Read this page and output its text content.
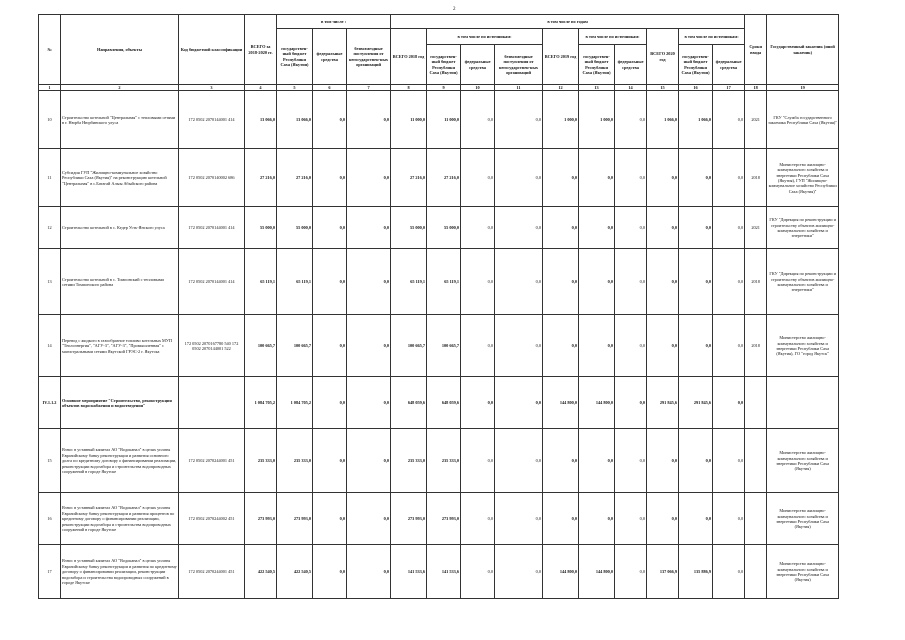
2
№	Направления, объекты	Код бюджетной классификации	ВСЕГО за 2018-2020 гг.	в том числе :			в том числе по годам										Сроки ввода	Государственный заказчик (иной заказчик)
				государствен-ный бюджет Республики Саха (Якутия)	федеральные средства	безвозмездные поступления от негосударствен-ных организаций	ВСЕГО 2018 год	в том числе по источникам:			ВСЕГО 2019 год	в том числе по источникам:		ВСЕГО 2020 год	в том числе по источникам:			
								государствен-ный бюджет Республики Саха (Якутия)	федеральные средства	безвозмездные поступления от негосударствен-ных организаций		государствен-ный бюджет Республики Саха (Якутия)	федеральные средства		государствен-ный бюджет Республики Саха (Якутия)	федеральные средства		
1	2	3	4	5	6	7	8	9	10	11	12	13	14	15	16	17	18	19
10	Строительство котельной "Центральная" с тепловыми сетями в г. Нюрба Нюрбинского улуса	172 0502 2070144001 414	13 066,0	13 066,0	0,0	0,0	11 000,0	11 000,0	0,0	0,0	1 000,0	1 000,0	0,0	1 066,0	1 066,0	0,0	2021	ГКУ "Служба государственного заказчика Республики Саха (Якутия)"
11	Субсидия ГУП "Жилищно-коммунальное хозяйство Республики Саха (Якутия)" на реконструкцию котельной "Центральная" в с.Батагай Алыы Абыйского района	172 0502 2070140002 686	27 216,0	27 216,0	0,0	0,0	27 216,0	27 216,0	0,0	0,0	0,0	0,0	0,0	0,0	0,0	0,0	2018	Министерство жилищно-коммунального хозяйства и энергетики Республики Саха (Якутия), ГУП "Жилищно-коммунальное хозяйство Республики Саха (Якутия)"
12	Строительство котельной в с. Кедер Усть-Янского улуса	172 0502 2070144001 414	55 000,0	55 000,0	0,0	0,0	55 000,0	55 000,0	0,0	0,0	0,0	0,0	0,0	0,0	0,0	0,0	2021	ГКУ "Дирекция по реконструкции и строительству объектов жилищно-коммунального хозяйства и энергетики"
13	Строительство котельной в с. Томпонский с тепловыми сетями Томпонского района	172 0502 2070144001 414	65 119,1	65 119,1	0,0	0,0	65 119,1	65 119,1	0,0	0,0	0,0	0,0	0,0	0,0	0,0	0,0	2018	ГКУ "Дирекция по реконструкции и строительству объектов жилищно-коммунального хозяйства и энергетики"
14	Перевод с жидкого в газообразное топливо котельных МУП "Теплоэнергия", "АГУ-3", "АГУ-3", "Промышленная" с магистральными сетями Якутской ГРЭС-2 г. Якутска	172 0502 2070167780 540 172 0502 2070144001 522	100 665,7	100 665,7	0,0	0,0	100 665,7	100 665,7	0,0	0,0	0,0	0,0	0,0	0,0	0,0	0,0	2018	Министерство жилищно-коммунального хозяйства и энергетики Республики Саха (Якутия), ГО "город Якутск"
IV.1.1.2	Основное мероприятие "Строительство, реконструкция объектов водоснабжения и водоотведения"		1 084 705,2	1 084 705,2	0,0	0,0	648 059,6	648 059,6	0,0	0,0	144 800,0	144 800,0	0,0	291 845,6	291 845,6	0,0		
15	Взнос в уставный капитал АО "Водоканал" в целях уплаты Евразийскому банку реконструкции и развития основного долга по кредитному договору о финансировании реализации, реконструкции водозабора и строительства водопроводных сооружений в городе Якутске	172 0502 2070244001 451	235 333,0	235 333,0	0,0	0,0	235 333,0	235 333,0	0,0	0,0	0,0	0,0	0,0	0,0	0,0	0,0		Министерство жилищно-коммунального хозяйства и энергетики Республики Саха (Якутия)
16	Взнос в уставный капитал АО "Водоканал" в целях уплаты Евразийскому банку реконструкции и развития процентов по кредитному договору о финансировании реализации, реконструкции водозабора и строительства водопроводных сооружений в городе Якутске	172 0502 2070244002 451	273 993,0	273 993,0	0,0	0,0	273 993,0	273 993,0	0,0	0,0	0,0	0,0	0,0	0,0	0,0	0,0		Министерство жилищно-коммунального хозяйства и энергетики Республики Саха (Якутия)
17	Взнос в уставный капитал АО "Водоканал" в целях уплаты Евразийскому банку реконструкции и развития по кредитному договору о финансировании реализации, реконструкции водозабора и строительства водопроводных сооружений в городе Якутске	172 0502 2070244001 451	422 540,5	422 540,5	0,0	0,0	141 533,6	141 533,6	0,0	0,0	144 800,0	144 800,0	0,0	137 066,9	135 886,9	0,0		Министерство жилищно-коммунального хозяйства и энергетики Республики Саха (Якутия)
